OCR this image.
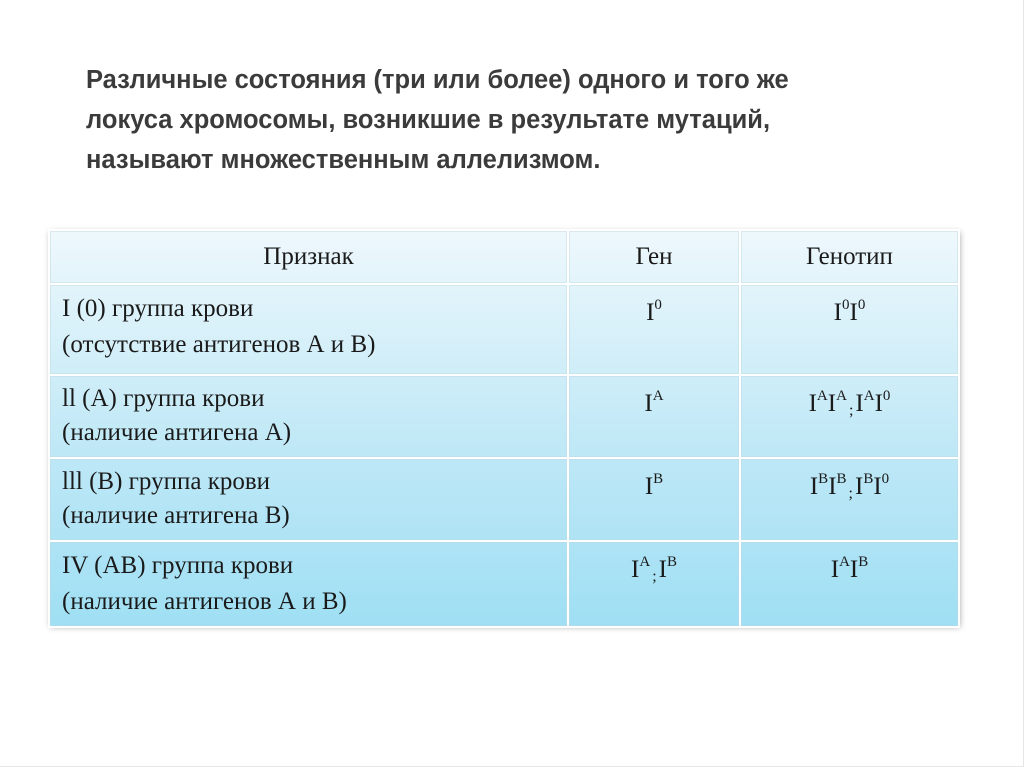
Различные состояния (три или более) одного и того же
локуса хромосомы, возникшие в результате мутаций,
называют множественным аллелизмом.
Признак	Ген	Генотип

I (0) группа крови
(отсутствие антигенов А и В)	$I^0$	$I^0I^0$

ll (А) группа крови
(наличие антигена А)	$I^A$	$I^AI^A;I^AI^0$

lll (В) группа крови
(наличие антигена В)	$I^B$	$I^BI^B;I^BI^0$

IV (АВ) группа крови
(наличие антигенов А и В)	$I^A;I^B$	$I^AI^B$
